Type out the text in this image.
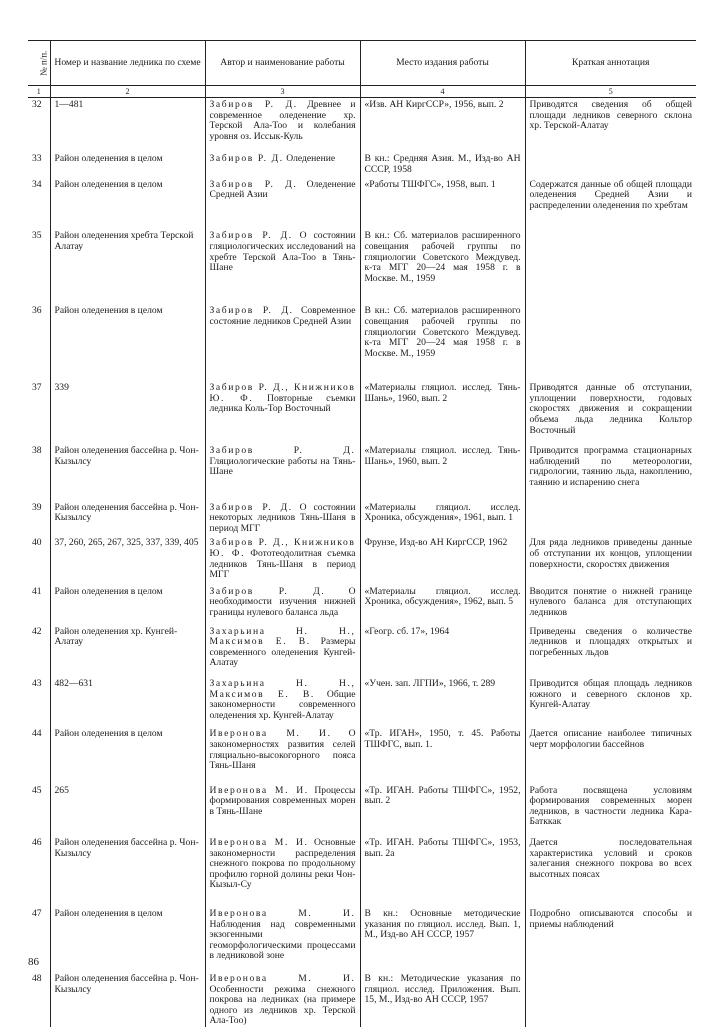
№ п/п.	Номер и название ледника по схеме	Автор и наименование работы	Место издания работы	Краткая аннотация
1	2	3	4	5
32	1—481	Забиров Р. Д. Древнее и современное оледенение хр. Терской Ала-Тоо и колебания уровня оз. Иссык-Куль	«Изв. АН КиргССР», 1956, вып. 2	Приводятся сведения об общей площади ледников северного склона хр. Терской-Алатау
33	Район оледенения в целом	Забиров Р. Д. Оледенение	В кн.: Средняя Азия. М., Изд-во АН СССР, 1958	
34	Район оледенения в целом	Забиров Р. Д. Оледенение Средней Азии	«Работы ТШФГС», 1958, вып. 1	Содержатся данные об общей площади оледенения Средней Азии и распределении оледенения по хребтам
35	Район оледенения хребта Терской Алатау	Забиров Р. Д. О состоянии гляциологических исследований на хребте Терской Ала-Тоо в Тянь-Шане	В кн.: Сб. материалов расширенного совещания рабочей группы по гляциологии Советского Междувед. к-та МГГ 20—24 мая 1958 г. в Москве. М., 1959	
36	Район оледенения в целом	Забиров Р. Д. Современное состояние ледников Средней Азии	В кн.: Сб. материалов расширенного совещания рабочей группы по гляциологии Советского Междувед. к-та МГГ 20—24 мая 1958 г. в Москве. М., 1959	
37	339	Забиров Р. Д., Книжников Ю. Ф. Повторные съемки ледника Коль-Тор Восточный	«Материалы гляциол. исслед. Тянь-Шань», 1960, вып. 2	Приводятся данные об отступании, уплощении поверхности, годовых скоростях движения и сокращении объема льда ледника Кольтор Восточный
38	Район оледенения бассейна р. Чон-Кызылсу	Забиров Р. Д. Гляциологические работы на Тянь-Шане	«Материалы гляциол. исслед. Тянь-Шань», 1960, вып. 2	Приводится программа стационарных наблюдений по метеорологии, гидрологии, таянию льда, накоплению, таянию и испарению снега
39	Район оледенения бассейна р. Чон-Кызылсу	Забиров Р. Д. О состоянии некоторых ледников Тянь-Шаня в период МГГ	«Материалы гляциол. исслед. Хроника, обсуждения», 1961, вып. 1	
40	37, 260, 265, 267, 325, 337, 339, 405	Забиров Р. Д., Книжников Ю. Ф. Фототеодолитная съемка ледников Тянь-Шаня в период МГГ	Фрунзе, Изд-во АН КиргССР, 1962	Для ряда ледников приведены данные об отступании их концов, уплощении поверхности, скоростях движения
41	Район оледенения в целом	Забиров Р. Д. О необходимости изучения нижней границы нулевого баланса льда	«Материалы гляциол. исслед. Хроника, обсуждения», 1962, вып. 5	Вводится понятие о нижней границе нулевого баланса для отступающих ледников
42	Район оледенения хр. Кунгей-Алатау	Захарьина Н. Н., Максимов Е. В. Размеры современного оледенения Кунгей-Алатау	«Геогр. сб. 17», 1964	Приведены сведения о количестве ледников и площадях открытых и погребенных льдов
43	482—631	Захарьина Н. Н., Максимов Е. В. Общие закономерности современного оледенения хр. Кунгей-Алатау	«Учен. зап. ЛГПИ», 1966, т. 289	Приводится общая площадь ледников южного и северного склонов хр. Кунгей-Алатау
44	Район оледенения в целом	Иверонова М. И. О закономерностях развития селей гляциально-высокогорного пояса Тянь-Шаня	«Тр. ИГАН», 1950, т. 45. Работы ТШФГС, вып. 1.	Дается описание наиболее типичных черт морфологии бассейнов
45	265	Иверонова М. И. Процессы формирования современных морен в Тянь-Шане	«Тр. ИГАН. Работы ТШФГС», 1952, вып. 2	Работа посвящена условиям формирования современных морен ледников, в частности ледника Кара-Батккак
46	Район оледенения бассейна р. Чон-Кызылсу	Иверонова М. И. Основные закономерности распределения снежного покрова по продольному профилю горной долины реки Чон-Кызыл-Су	«Тр. ИГАН. Работы ТШФГС», 1953, вып. 2а	Дается последовательная характеристика условий и сроков залегания снежного покрова во всех высотных поясах
47	Район оледенения в целом	Иверонова М. И. Наблюдения над современными экзогенными геоморфологическими процессами в ледниковой зоне	В кн.: Основные методические указания по гляциол. исслед. Вып. 1, М., Изд-во АН СССР, 1957	Подробно описываются способы и приемы наблюдений
48	Район оледенения бассейна р. Чон-Кызылсу	Иверонова М. И. Особенности режима снежного покрова на ледниках (на примере одного из ледников хр. Терской Ала-Тоо)	В кн.: Методические указания по гляциол. исслед. Приложения. Вып. 15, М., Изд-во АН СССР, 1957	
86
